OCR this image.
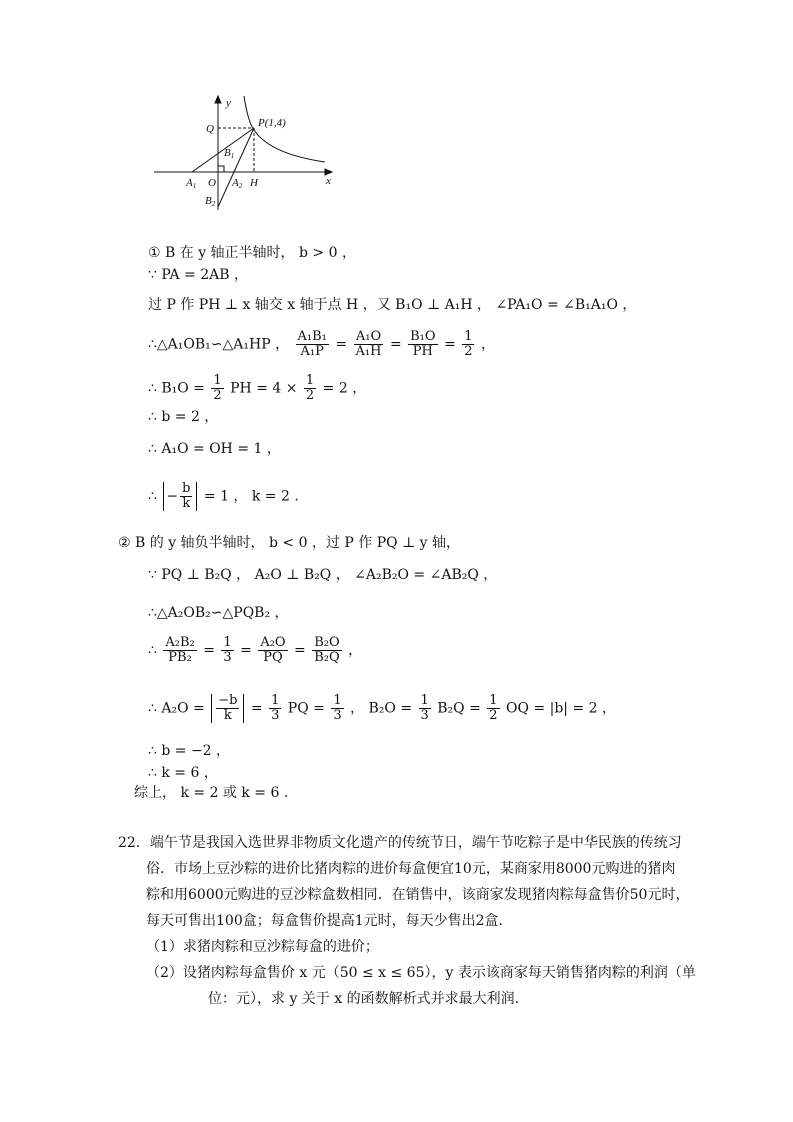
y
x
Q	P(1,4)
O	H
A1	A2
B1
B2
① B 在 y 轴正半轴时， b > 0 ，
∵ PA = 2AB ，
过 P 作 PH ⊥ x 轴交 x 轴于点 H ，又 B₁O ⊥ A₁H ， ∠PA₁O = ∠B₁A₁O ，
∴△A₁OB₁∽△A₁HP ， $\frac{\text{A₁B₁}}{\text{A₁P}} = \frac{\text{A₁O}}{\text{A₁H}} = \frac{\text{B₁O}}{PH} = \frac{1}{2}$ ，
∴ $B_1O = \frac{1}{2}$ PH = $4 \times \frac{1}{2} = 2$ ，
∴ b = 2 ，
∴ A₁O = OH = 1 ，
∴ − $\frac{b}{k} = 1$ ， k = 2 .
② B 的 y 轴负半轴时， b < 0 ，过 P 作 PQ ⊥ y 轴，
∵ PQ ⊥ B₂Q ， A₂O ⊥ B₂Q ， ∠A₂B₂O = ∠AB₂Q ，
∴△A₂OB₂∽△PQB₂ ，
∴ $\frac{\text{A₂B₂}}{\text{PB₂}} = \frac{1}{3} = \frac{\text{A₂O}}{PQ} = \frac{\text{B₂O}}{\text{B₂Q}}$ ，
∴ $A_2O = \frac{-b}{k} = \frac{1}{3}$ PQ = $\frac{1}{3}$ ， $B_2O = \frac{1}{3} B_2Q = \frac{1}{2}$ OQ = |b| = 2 ，
∴ b = −2 ，
∴ k = 6 ，
综上， k = 2 或 k = 6 .
22．端午节是我国入选世界非物质文化遗产的传统节日，端午节吃粽子是中华民族的传统习
俗．市场上豆沙粽的进价比猪肉粽的进价每盒便宜10元，某商家用8000元购进的猪肉
粽和用6000元购进的豆沙粽盒数相同．在销售中，该商家发现猪肉粽每盒售价50元时，
每天可售出100盒；每盒售价提高1元时，每天少售出2盒．
（1）求猪肉粽和豆沙粽每盒的进价；
（2）设猪肉粽每盒售价 x 元（50 ≤ x ≤ 65），y 表示该商家每天销售猪肉粽的利润（单
位：元），求 y 关于 x 的函数解析式并求最大利润.
